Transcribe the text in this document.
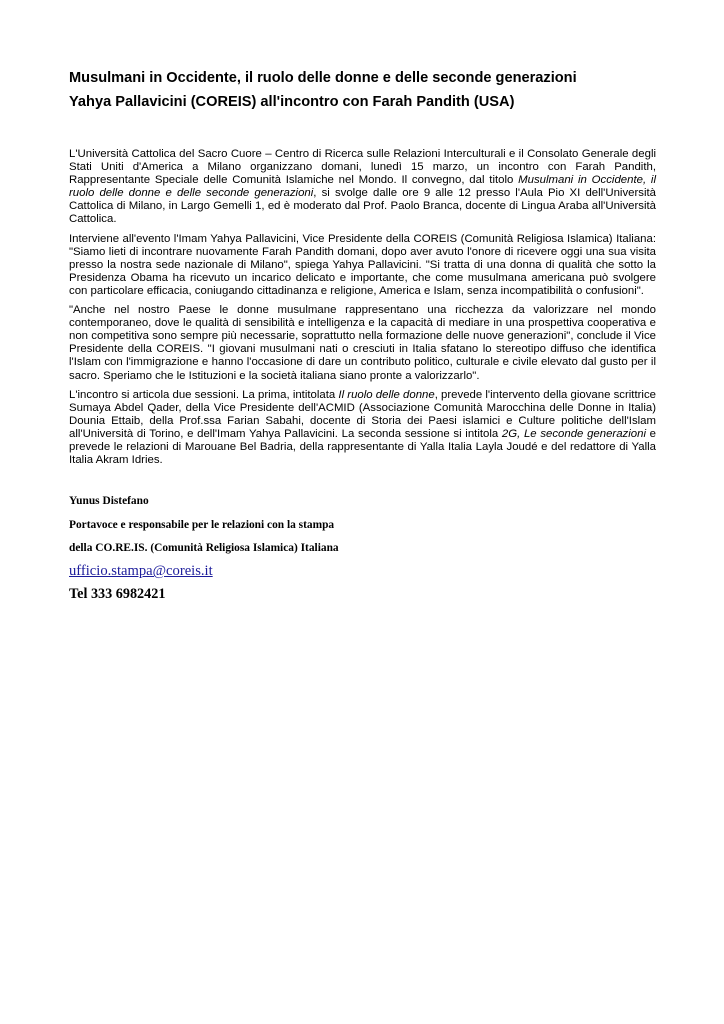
Musulmani in Occidente, il ruolo delle donne e delle seconde generazioni
Yahya Pallavicini (COREIS) all'incontro con Farah Pandith (USA)

L'Università Cattolica del Sacro Cuore – Centro di Ricerca sulle Relazioni Interculturali e il Consolato Generale degli Stati Uniti d'America a Milano organizzano domani, lunedì 15 marzo, un incontro con Farah Pandith, Rappresentante Speciale delle Comunità Islamiche nel Mondo. Il convegno, dal titolo Musulmani in Occidente, il ruolo delle donne e delle seconde generazioni, si svolge dalle ore 9 alle 12 presso l'Aula Pio XI dell'Università Cattolica di Milano, in Largo Gemelli 1, ed è moderato dal Prof. Paolo Branca, docente di Lingua Araba all'Università Cattolica.

Interviene all'evento l'Imam Yahya Pallavicini, Vice Presidente della COREIS (Comunità Religiosa Islamica) Italiana: "Siamo lieti di incontrare nuovamente Farah Pandith domani, dopo aver avuto l'onore di ricevere oggi una sua visita presso la nostra sede nazionale di Milano", spiega Yahya Pallavicini. "Si tratta di una donna di qualità che sotto la Presidenza Obama ha ricevuto un incarico delicato e importante, che come musulmana americana può svolgere con particolare efficacia, coniugando cittadinanza e religione, America e Islam, senza incompatibilità o confusioni".

"Anche nel nostro Paese le donne musulmane rappresentano una ricchezza da valorizzare nel mondo contemporaneo, dove le qualità di sensibilità e intelligenza e la capacità di mediare in una prospettiva cooperativa e non competitiva sono sempre più necessarie, soprattutto nella formazione delle nuove generazioni", conclude il Vice Presidente della COREIS. "I giovani musulmani nati o cresciuti in Italia sfatano lo stereotipo diffuso che identifica l'Islam con l'immigrazione e hanno l'occasione di dare un contributo politico, culturale e civile elevato dal gusto per il sacro. Speriamo che le Istituzioni e la società italiana siano pronte a valorizzarlo".

L'incontro si articola due sessioni. La prima, intitolata Il ruolo delle donne, prevede l'intervento della giovane scrittrice Sumaya Abdel Qader, della Vice Presidente dell'ACMID (Associazione Comunità Marocchina delle Donne in Italia) Dounia Ettaib, della Prof.ssa Farian Sabahi, docente di Storia dei Paesi islamici e Culture politiche dell'Islam all'Università di Torino, e dell'Imam Yahya Pallavicini. La seconda sessione si intitola 2G, Le seconde generazioni e prevede le relazioni di Marouane Bel Badria, della rappresentante di Yalla Italia Layla Joudé e del redattore di Yalla Italia Akram Idries.

Yunus Distefano
Portavoce e responsabile per le relazioni con la stampa
della CO.RE.IS. (Comunità Religiosa Islamica) Italiana
ufficio.stampa@coreis.it
Tel 333 6982421
